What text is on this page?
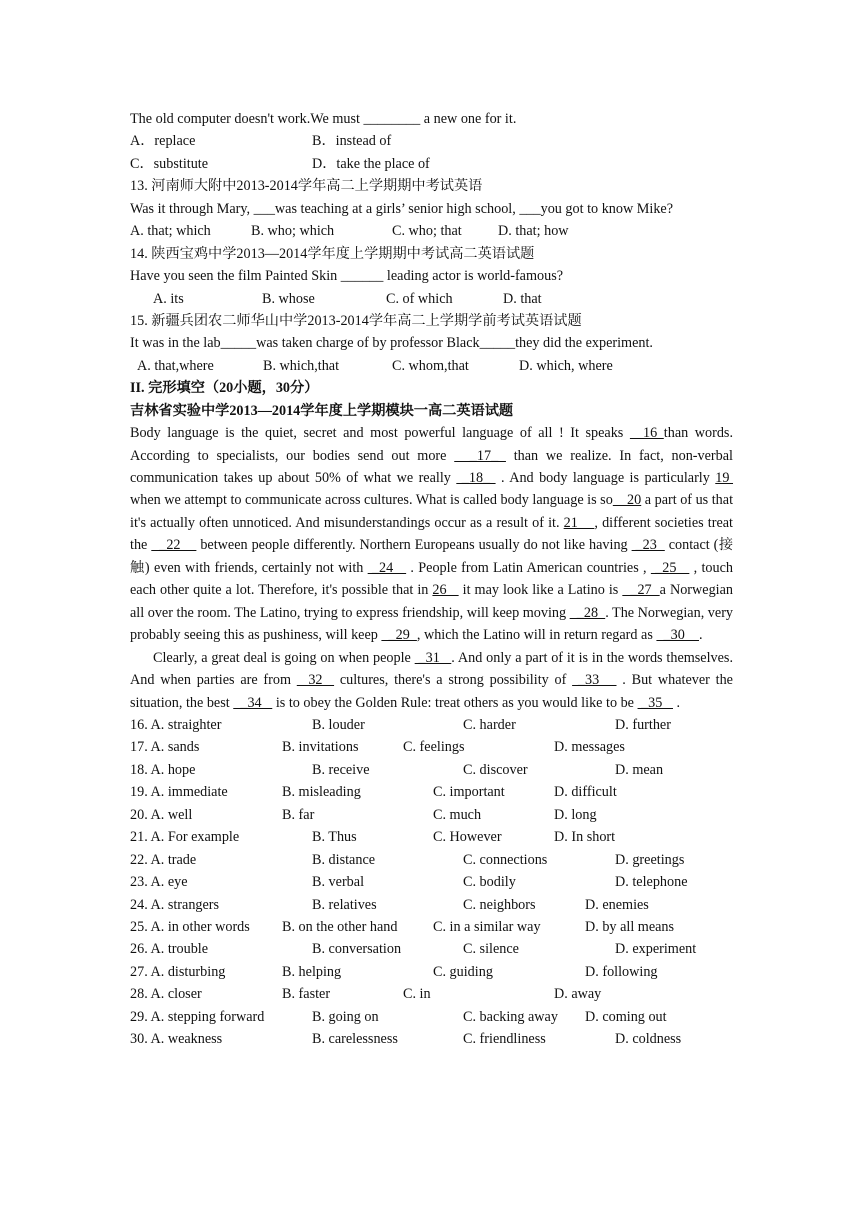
The old computer doesn't work.We must ________ a new one for it.
A．replace	B．instead of
C．substitute	D．take the place of
13. 河南师大附中2013-2014学年高二上学期期中考试英语
Was it through Mary, ___was teaching at a girls’ senior high school, ___you got to know Mike?
A. that; which	B. who; which	C. who; that	D. that; how
14. 陕西宝鸡中学2013—2014学年度上学期期中考试高二英语试题
Have you seen the film Painted Skin ______ leading actor is world-famous?
A. its	B. whose	C. of which	D. that
15. 新疆兵团农二师华山中学2013-2014学年高二上学期学前考试英语试题
It was in the lab_____was taken charge of by professor Black_____they did the experiment.
A. that,where	B. which,that	C. whom,that	D. which, where
II. 完形填空（20小题，30分）
吉林省实验中学2013—2014学年度上学期模块一高二英语试题
Body language is the quiet, secret and most powerful language of all ! It speaks   16 than words. According to specialists, our bodies send out more   _17_  than we realize. In fact, non-verbal communication takes up about 50% of what we really  _18_  . And body language is particularly 19  when we attempt to communicate across cultures. What is called body language is so    20 a part of us that it's actually often unnoticed. And misunderstandings occur as a result of it. 21    , different societies treat the   _22     between people differently. Northern Europeans usually do not like having  _23   contact (接触) even with friends, certainly not with  _24    . People from Latin American countries ,  _25    , touch each other quite a lot. Therefore, it's possible that in 26    it may look like a Latino is   _27  a Norwegian all over the room. The Latino, trying to express friendship, will keep moving   _28  . The Norwegian, very probably seeing this as pushiness, will keep   _29  , which the Latino will in return regard as   _30    .
Clearly, a great deal is going on when people  _31   . And only a part of it is in the words themselves. And when parties are from   32   cultures, there's a strong possibility of  _33    . But whatever the situation, the best   _34    is to obey the Golden Rule: treat others as you would like to be  _35    .
16. A. straighter	B. louder	C. harder	D. further
17. A. sands	B. invitations	C. feelings	D. messages
18. A. hope	B. receive	C. discover	D. mean
19. A. immediate	B. misleading	C. important	D. difficult
20. A. well	B. far	C. much	D. long
21. A. For example	B. Thus	C. However	D. In short
22. A. trade	B. distance	C. connections	D. greetings
23. A. eye	B. verbal	C. bodily	D. telephone
24. A. strangers	B. relatives	C. neighbors	D. enemies
25. A. in other words B. on the other hand	C. in a similar way	D. by all means
26. A. trouble	B. conversation	C. silence	D. experiment
27. A. disturbing	B. helping	C. guiding	D. following
28. A. closer	B. faster	C. in	D. away
29. A. stepping forward	B. going on	C. backing away D. coming out
30. A. weakness	B. carelessness	C. friendliness	D. coldness
